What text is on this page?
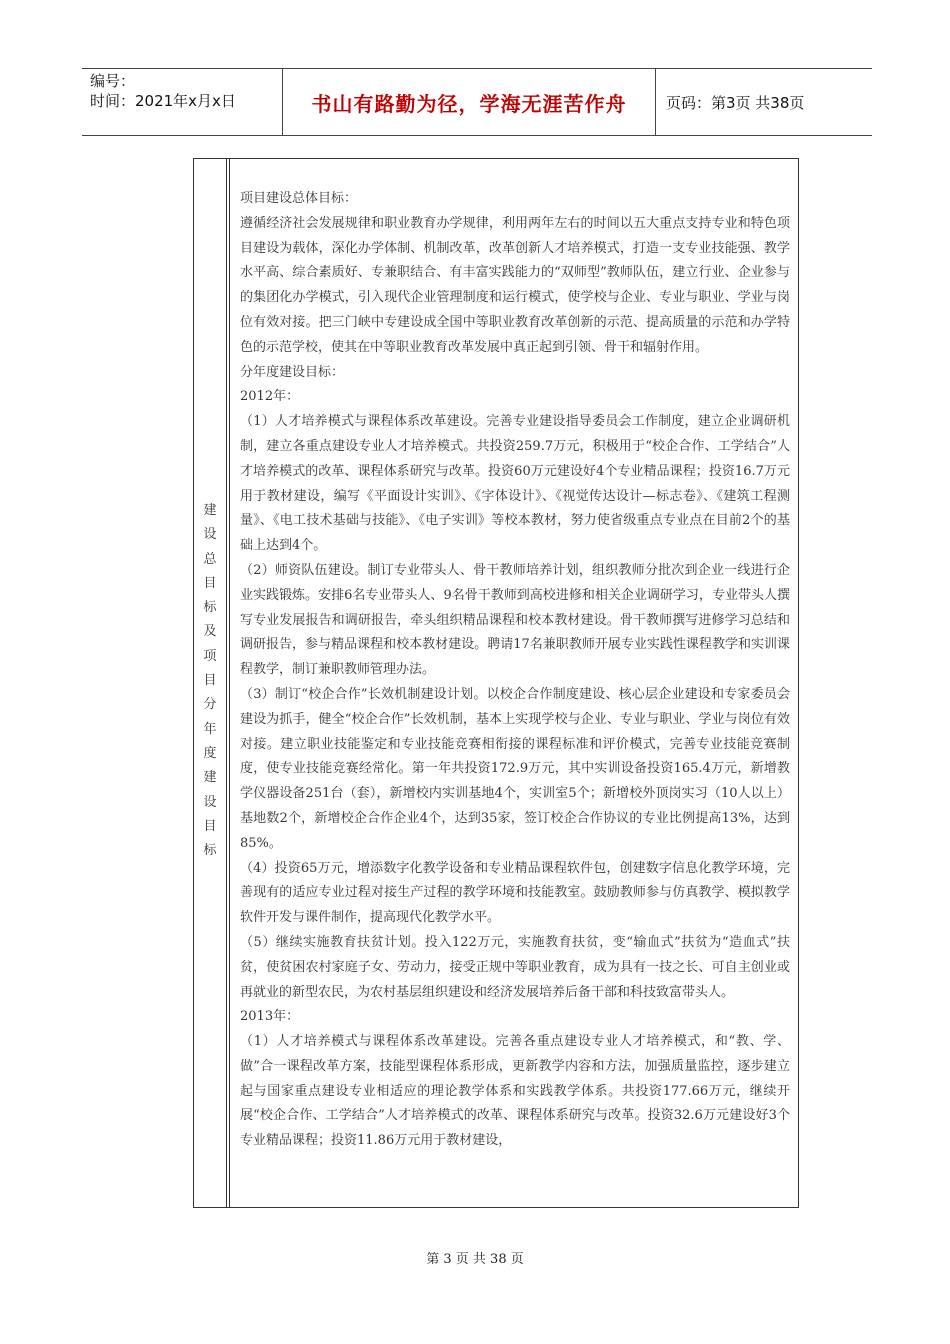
编号：
时间：2021年x月x日	书山有路勤为径，学海无涯苦作舟	页码：第3页 共38页
建
设
总
目
标
及
项
目
分
年
度
建
设
目
标

项目建设总体目标：

遵循经济社会发展规律和职业教育办学规律，利用两年左右的时间以五大重点支持专业和特色项目建设为载体，深化办学体制、机制改革，改革创新人才培养模式，打造一支专业技能强、教学水平高、综合素质好、专兼职结合、有丰富实践能力的“双师型”教师队伍，建立行业、企业参与的集团化办学模式，引入现代企业管理制度和运行模式，使学校与企业、专业与职业、学业与岗位有效对接。把三门峡中专建设成全国中等职业教育改革创新的示范、提高质量的示范和办学特色的示范学校，使其在中等职业教育改革发展中真正起到引领、骨干和辐射作用。

分年度建设目标：

2012年：

（1）人才培养模式与课程体系改革建设。完善专业建设指导委员会工作制度，建立企业调研机制，建立各重点建设专业人才培养模式。共投资259.7万元，积极用于“校企合作、工学结合”人才培养模式的改革、课程体系研究与改革。投资60万元建设好4个专业精品课程；投资16.7万元用于教材建设，编写《平面设计实训》、《字体设计》、《视觉传达设计—标志卷》、《建筑工程测量》、《电工技术基础与技能》、《电子实训》等校本教材，努力使省级重点专业点在目前2个的基础上达到4个。

（2）师资队伍建设。制订专业带头人、骨干教师培养计划，组织教师分批次到企业一线进行企业实践锻炼。安排6名专业带头人、9名骨干教师到高校进修和相关企业调研学习，专业带头人撰写专业发展报告和调研报告，牵头组织精品课程和校本教材建设。骨干教师撰写进修学习总结和调研报告，参与精品课程和校本教材建设。聘请17名兼职教师开展专业实践性课程教学和实训课程教学，制订兼职教师管理办法。

（3）制订“校企合作”长效机制建设计划。以校企合作制度建设、核心层企业建设和专家委员会建设为抓手，健全“校企合作”长效机制，基本上实现学校与企业、专业与职业、学业与岗位有效对接。建立职业技能鉴定和专业技能竞赛相衔接的课程标准和评价模式，完善专业技能竞赛制度，使专业技能竞赛经常化。第一年共投资172.9万元，其中实训设备投资165.4万元，新增教学仪器设备251台（套），新增校内实训基地4个，实训室5个；新增校外顶岗实习（10人以上）基地数2个，新增校企合作企业4个，达到35家，签订校企合作协议的专业比例提高13%，达到85%。

（4）投资65万元，增添数字化教学设备和专业精品课程软件包，创建数字信息化教学环境，完善现有的适应专业过程对接生产过程的教学环境和技能教室。鼓励教师参与仿真教学、模拟教学软件开发与课件制作，提高现代化教学水平。

（5）继续实施教育扶贫计划。投入122万元，实施教育扶贫，变“输血式”扶贫为“造血式”扶贫，使贫困农村家庭子女、劳动力，接受正规中等职业教育，成为具有一技之长、可自主创业或再就业的新型农民，为农村基层组织建设和经济发展培养后备干部和科技致富带头人。

2013年：

（1）人才培养模式与课程体系改革建设。完善各重点建设专业人才培养模式，和“教、学、做”合一课程改革方案，技能型课程体系形成，更新教学内容和方法，加强质量监控，逐步建立起与国家重点建设专业相适应的理论教学体系和实践教学体系。共投资177.66万元，继续开展“校企合作、工学结合”人才培养模式的改革、课程体系研究与改革。投资32.6万元建设好3个专业精品课程；投资11.86万元用于教材建设，

第 3 页 共 38 页
